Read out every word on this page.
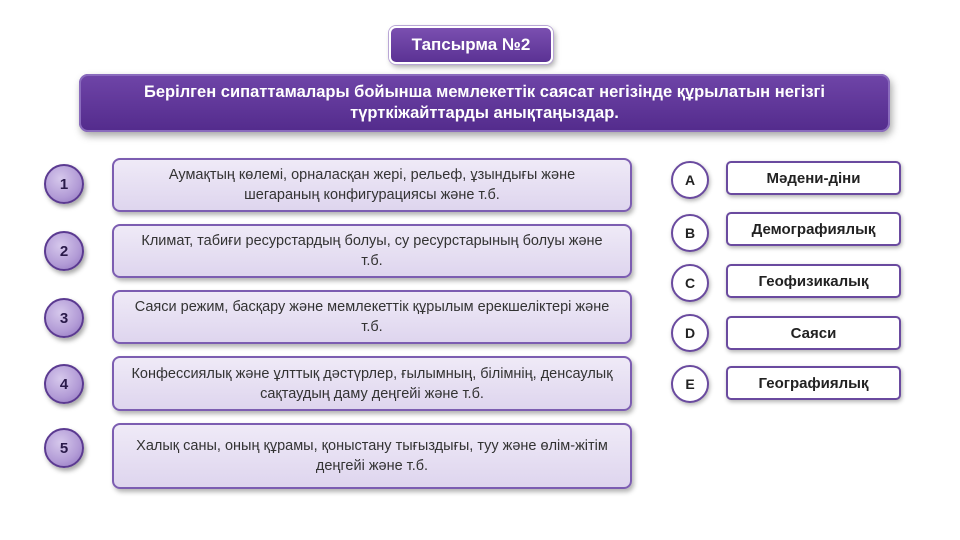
Тапсырма №2
Берілген сипаттамалары бойынша мемлекеттік саясат негізінде құрылатын негізгі түрткіжайттарды анықтаңыздар.
1
Аумақтың көлемі, орналасқан жері, рельеф, ұзындығы және шегараның конфигурациясы және т.б.
2
Климат, табиғи ресурстардың болуы, су ресурстарының болуы және т.б.
3
Саяси режим, басқару және мемлекеттік құрылым ерекшеліктері және т.б.
4
Конфессиялық және ұлттық дәстүрлер, ғылымның, білімнің, денсаулық сақтаудың даму деңгейі және т.б.
5	Халық саны, оның құрамы, қоныстану тығыздығы, туу және өлім-жітім деңгейі және т.б.
A	Мәдени-діни
B	Демографиялық
C	Геофизикалық
D	Саяси
E	Географиялық
